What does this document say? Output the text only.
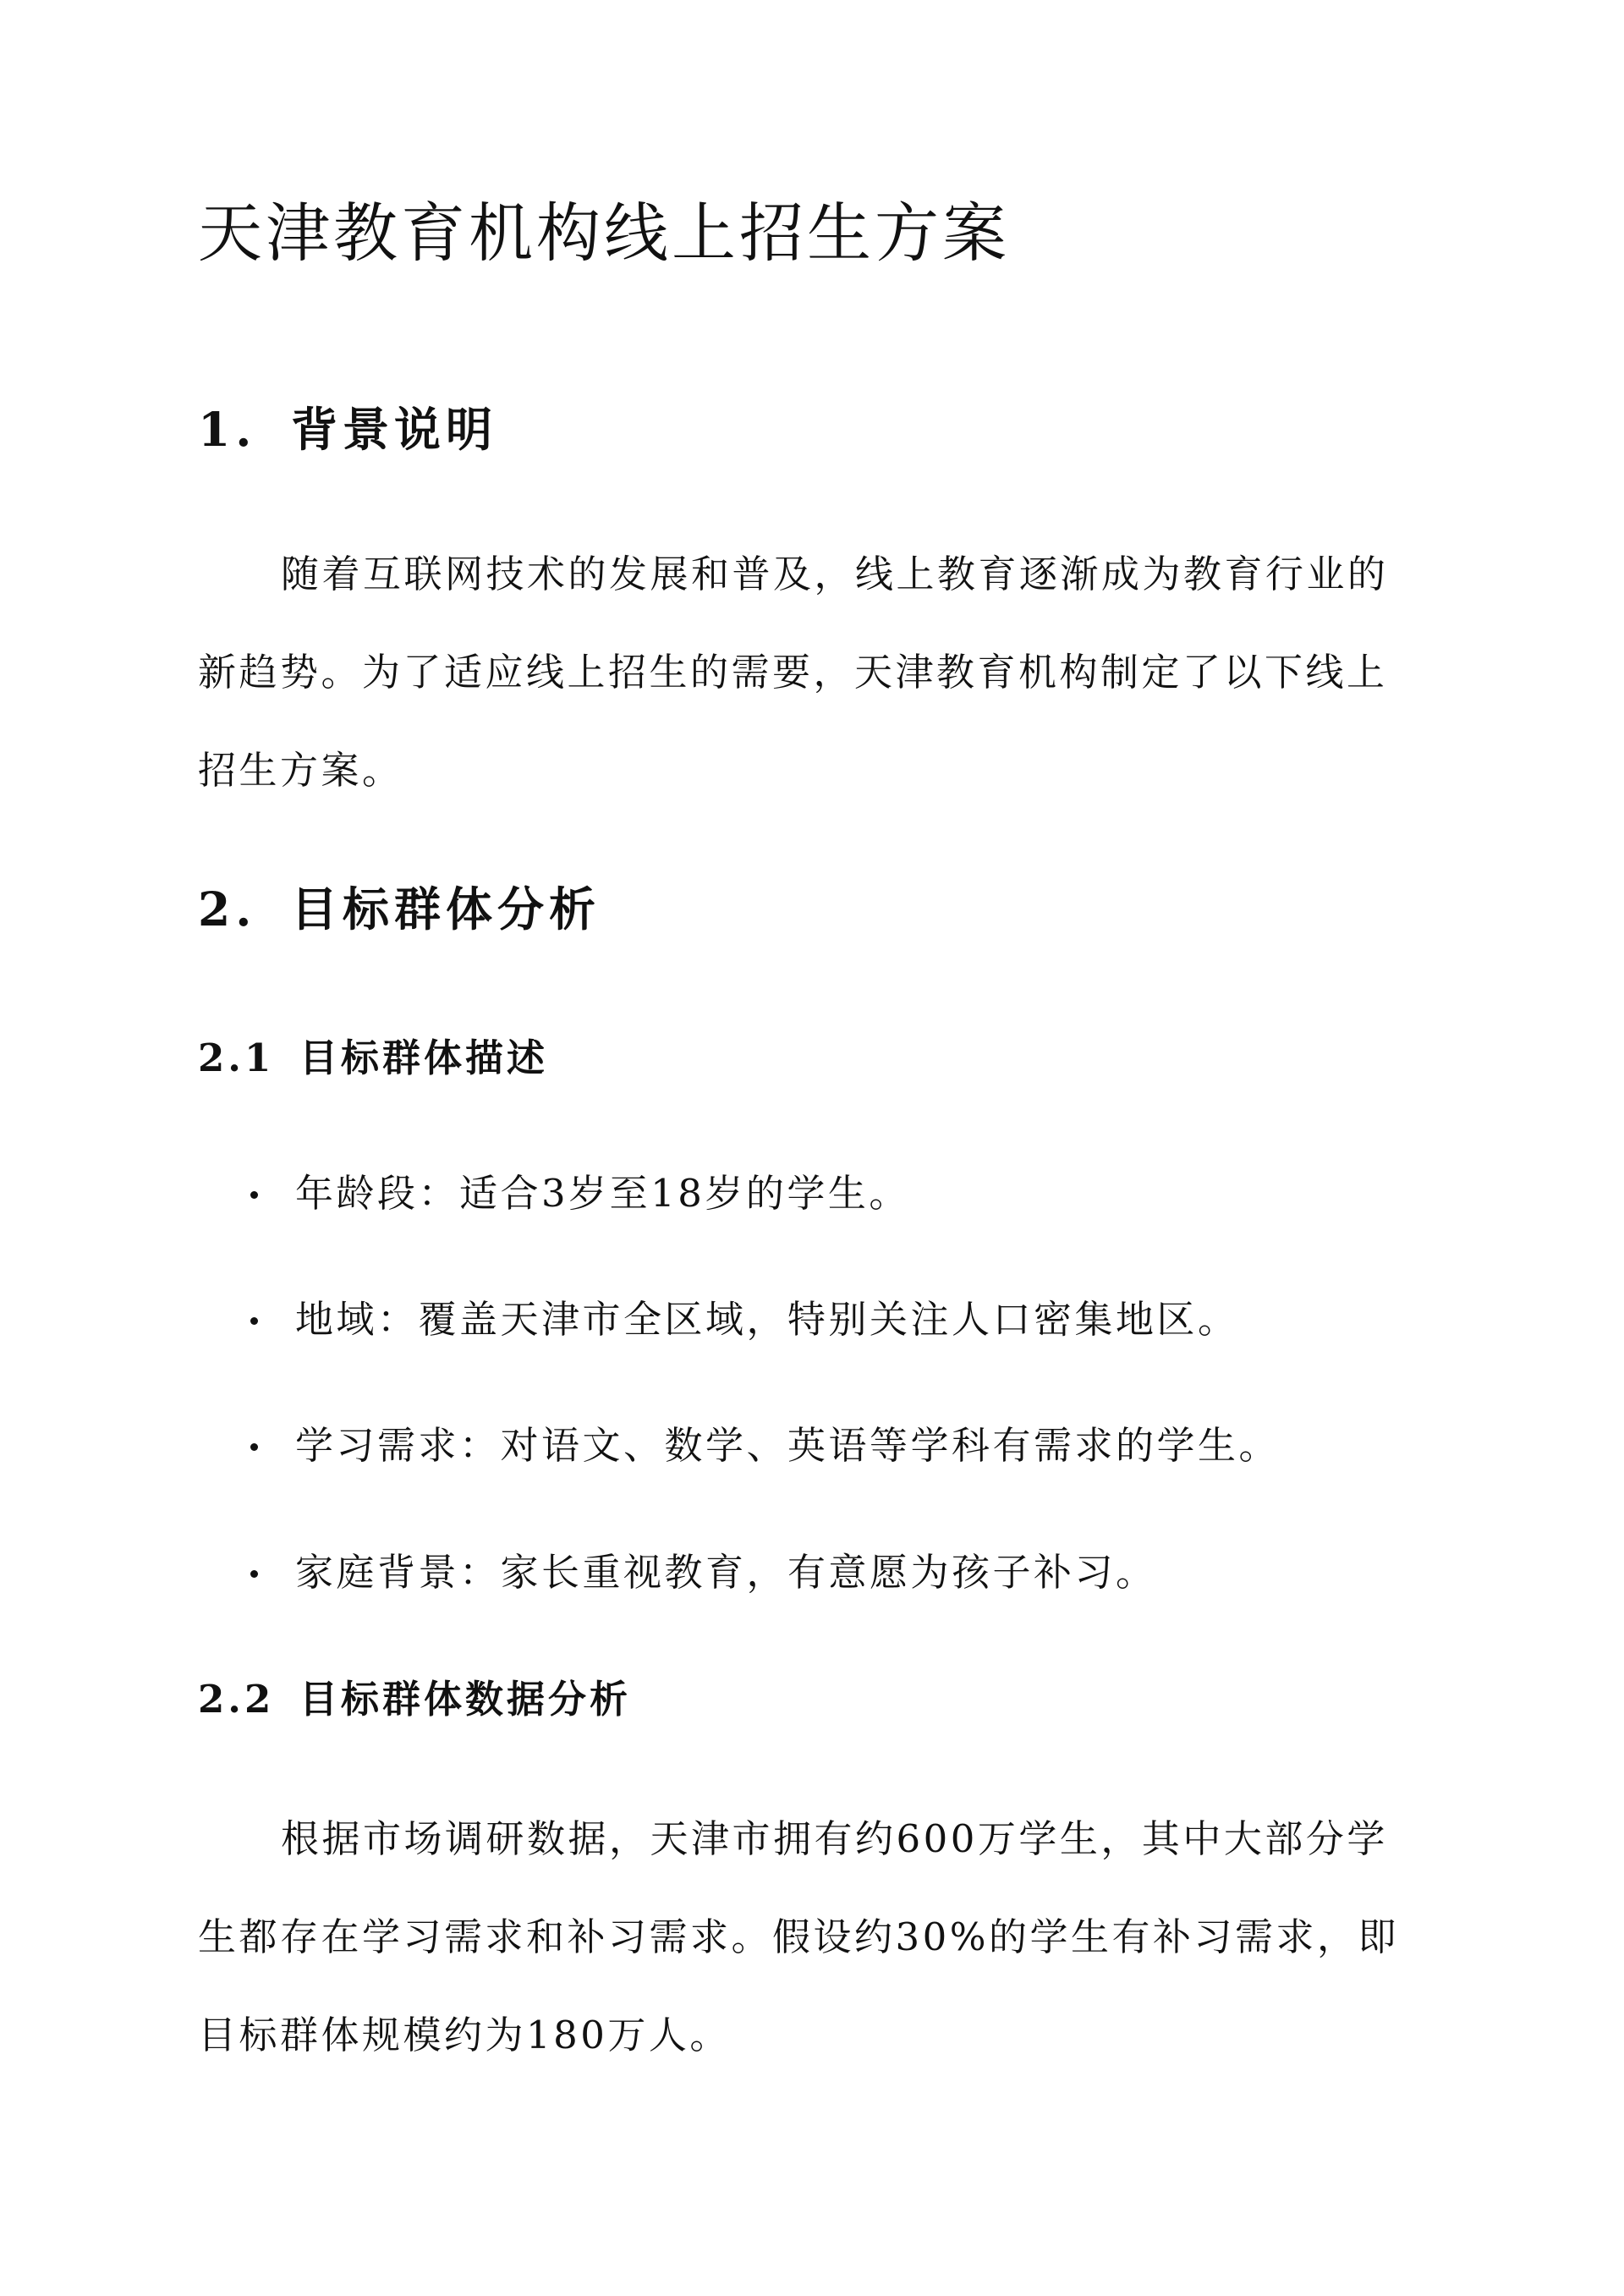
天津教育机构线上招生方案
1. 背景说明
随着互联网技术的发展和普及，线上教育逐渐成为教育行业的
新趋势。为了适应线上招生的需要，天津教育机构制定了以下线上
招生方案。
2. 目标群体分析
2.1 目标群体描述
年龄段：适合3岁至18岁的学生。
地域：覆盖天津市全区域，特别关注人口密集地区。
学习需求：对语文、数学、英语等学科有需求的学生。
家庭背景：家长重视教育，有意愿为孩子补习。
2.2 目标群体数据分析
根据市场调研数据，天津市拥有约600万学生，其中大部分学
生都存在学习需求和补习需求。假设约30%的学生有补习需求，即
目标群体规模约为180万人。
